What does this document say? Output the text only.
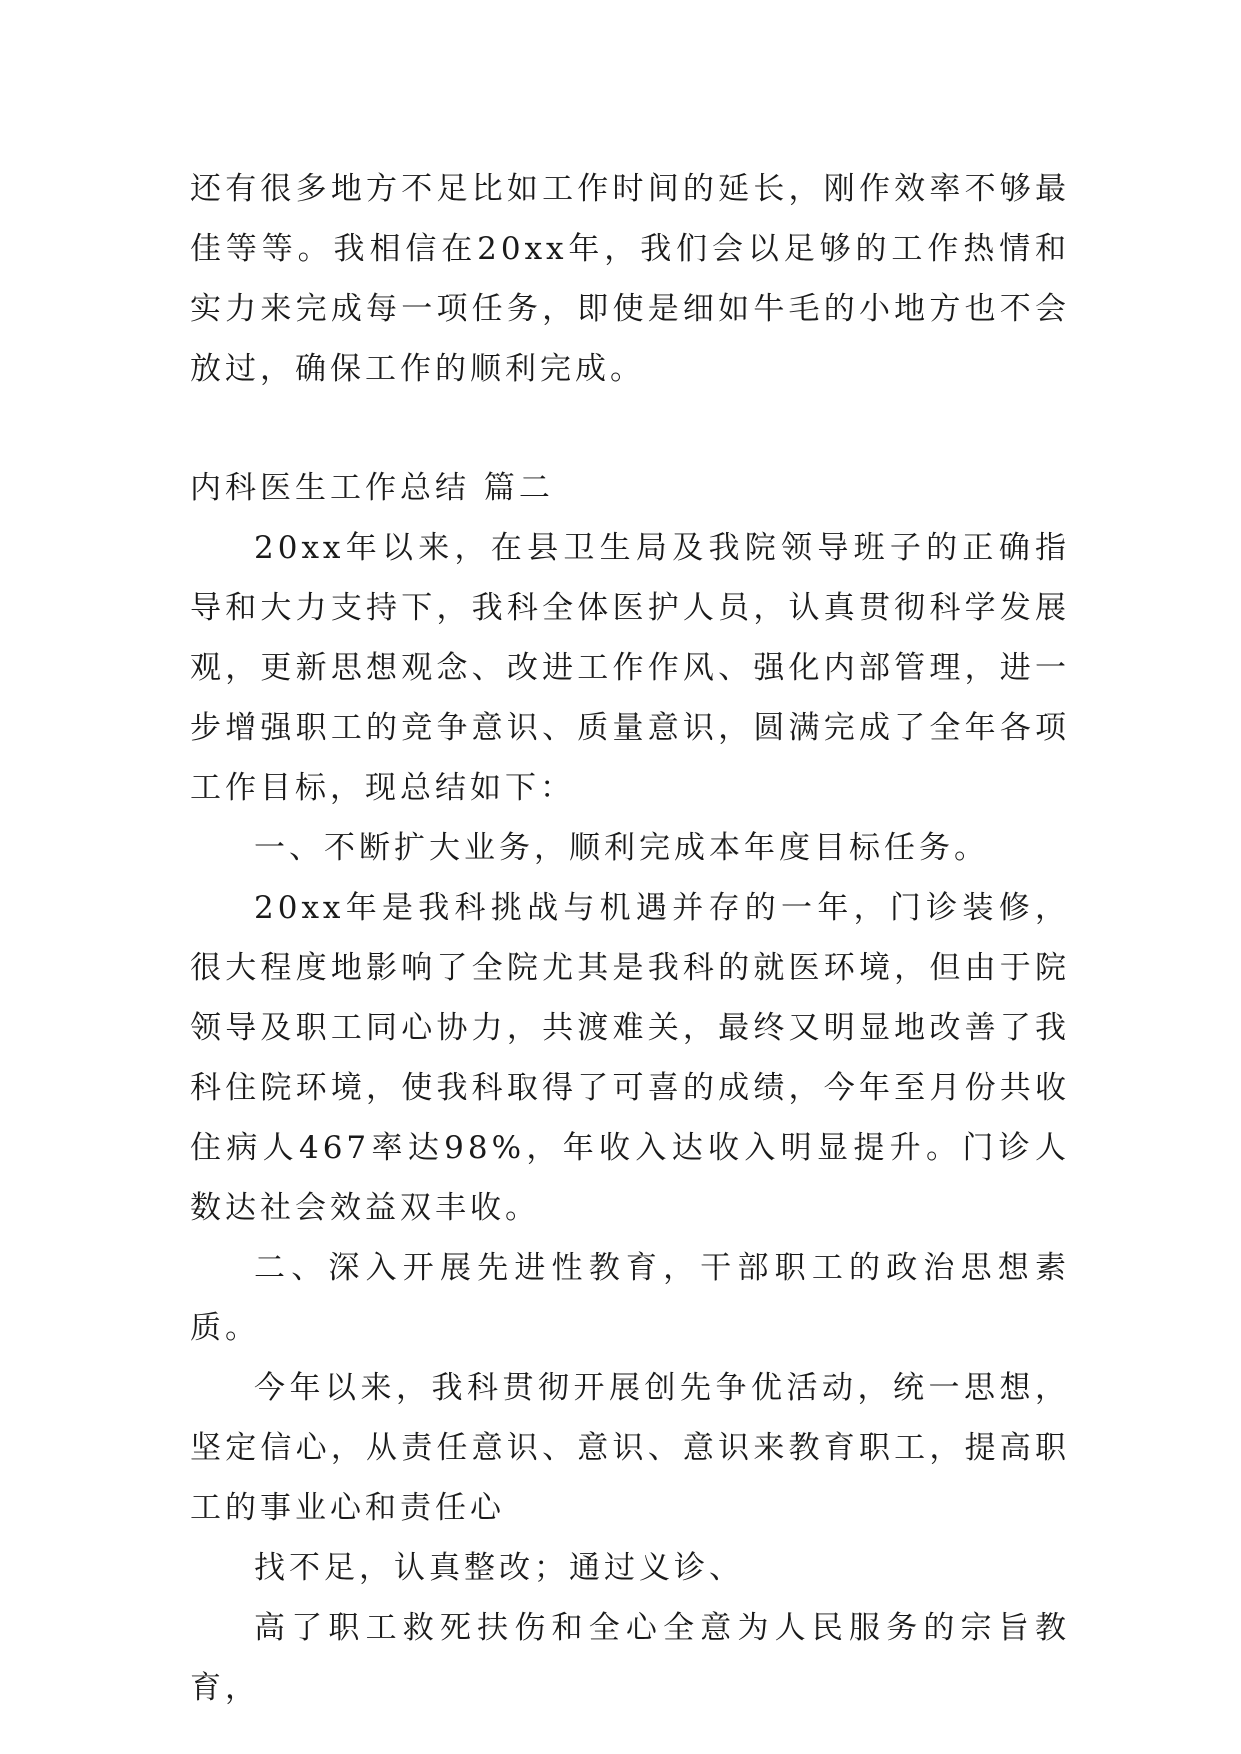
还有很多地方不足比如工作时间的延长，刚作效率不够最佳等等。我相信在20xx年，我们会以足够的工作热情和实力来完成每一项任务，即使是细如牛毛的小地方也不会放过，确保工作的顺利完成。

内科医生工作总结 篇二

20xx年以来，在县卫生局及我院领导班子的正确指导和大力支持下，我科全体医护人员，认真贯彻科学发展观，更新思想观念、改进工作作风、强化内部管理，进一步增强职工的竞争意识、质量意识，圆满完成了全年各项工作目标，现总结如下：

一、不断扩大业务，顺利完成本年度目标任务。

20xx年是我科挑战与机遇并存的一年，门诊装修，很大程度地影响了全院尤其是我科的就医环境，但由于院领导及职工同心协力，共渡难关，最终又明显地改善了我科住院环境，使我科取得了可喜的成绩，今年至月份共收住病人467率达98%，年收入达收入明显提升。门诊人数达社会效益双丰收。

二、深入开展先进性教育，干部职工的政治思想素质。

今年以来，我科贯彻开展创先争优活动，统一思想，坚定信心，从责任意识、意识、意识来教育职工，提高职工的事业心和责任心

找不足，认真整改；通过义诊、

高了职工救死扶伤和全心全意为人民服务的宗旨教育，
